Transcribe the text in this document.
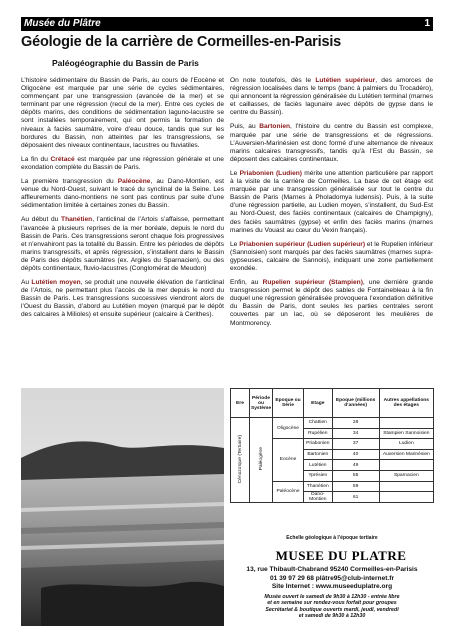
Musée du Plâtre	1
Géologie de la carrière de Cormeilles-en-Parisis
Paléogéographie du Bassin de Paris

L’histoire sédimentaire du Bassin de Paris, au cours de l’Eocène et Oligocène est marquée par une série de cycles sédimentaires, commençant par une transgression (avancée de la mer) et se terminant par une régression (recul de la mer). Entre ces cycles de dépôts marins, des conditions de sédimentation laguno-lacustre se sont installées temporairement, qui ont permis la formation de niveaux à faciès saumâtre, voire d’eau douce, tandis que sur les bordures du Bassin, non atteintes par les transgressions, se déposaient des niveaux continentaux, lacustres ou fluviatiles.

La fin du Crétacé est marquée par une régression générale et une exondation complète du Bassin de Paris.

La première transgression du Paléocène, au Dano-Montien, est venue du Nord-Ouest, suivant le tracé du synclinal de la Seine. Les affleurements dano-montiens ne sont pas continus par suite d’une sédimentation limitée à certaines zones du Bassin.

Au début du Thanétien, l’anticlinal de l’Artois s’affaisse, permettant l’avancée à plusieurs reprises de la mer boréale, depuis le nord du Bassin de Paris. Ces transgressions seront chaque fois progressives et n’envahiront pas la totalité du Bassin. Entre les périodes de dépôts marins transgressifs, et après régression, s’installent dans le Bassin de Paris des dépôts saumâtres (ex. Argiles du Sparnacien), ou des dépôts continentaux, fluvio-lacustres (Conglomérat de Meudon)

Au Lutétien moyen, se produit une nouvelle élévation de l’anticlinal de l’Artois, ne permettant plus l’accès de la mer depuis le nord du Bassin de Paris. Les transgressions successives viendront alors de l’Ouest du Bassin, d’abord au Lutétien moyen (marqué par le dépôt des calcaires à Milioles) et ensuite supérieur (calcaire à Cerithes).

On note toutefois, dès le Lutétien supérieur, des amorces de régression localisées dans le temps (banc à palmiers du Trocadéro), qui annoncent la régression généralisée du Lutétien terminal (marnes et caillasses, de faciès lagunaire avec dépôts de gypse dans le centre du Bassin).

Puis, au Bartonien, l’histoire du centre du Bassin est complexe, marquée par une série de transgressions et de régressions. L’Auversien-Marinésien est donc formé d’une alternance de niveaux marins calcaires transgressifs, tandis qu’à l’Est du Bassin, se déposent des calcaires continentaux.

Le Priabonien (Ludien) mérite une attention particulière par rapport à la visite de la carrière de Cormeilles. La base de cet étage est marquée par une transgression généralisée sur tout le centre du Bassin de Paris (Marnes à Pholadomya ludensis). Puis, à la suite d’une régression partielle, au Ludien moyen, s’installent, du Sud-Est au Nord-Ouest, des faciès continentaux (calcaires de Champigny), des faciès saumâtres (gypse) et enfin des faciès marins (marnes marines du Vouast au cœur du Vexin français).

Le Priabonien supérieur (Ludien supérieur) et le Rupelien inférieur (Sannoisien) sont marqués par des faciès saumâtres (marnes supra-gypseuses, calcaire de Sannois), indiquant une zone partiellement exondée.

Enfin, au Rupelien supérieur (Stampien), une dernière grande transgression permet le dépôt des sables de Fontainebleau à la fin duquel une régression généralisée provoquera l’exondation définitive du Bassin de Paris, dont seules les parties centrales seront couvertes par un lac, où se déposeront les meulières de Montmorency.

Ere	Période ou Système	Epoque ou Série	Etage	Epoque (millions d’années)	Autres appellations des étages
Cénozoïque (Tertiaire)	Paléogène	Oligocène	Chattien	28	
			Rupélien	34	Stampien Sannoisien
		Eocène	Priabonien	37	Ludien
			Bartonien	40	Auversien Marinésien
			Lutétien	49	
			Yprésien	55	Sparnacien
		Paléocène	Thanétien	59	
			Dano-Montien	61	
Echelle géologique à l’époque tertiaire
MUSEE DU PLATRE
13, rue Thibault-Chabrand 95240 Cormeilles-en-Parisis
01 39 97 29 68 plâtre95@club-internet.fr
Site Internet : www.museeduplatre.org
Musée ouvert le samedi de 9h30 à 12h30 - entrée libre
et en semaine sur rendez-vous forfait pour groupes
Secrétariat & boutique ouverts mardi, jeudi, vendredi
et samedi de 9h30 à 12h30
